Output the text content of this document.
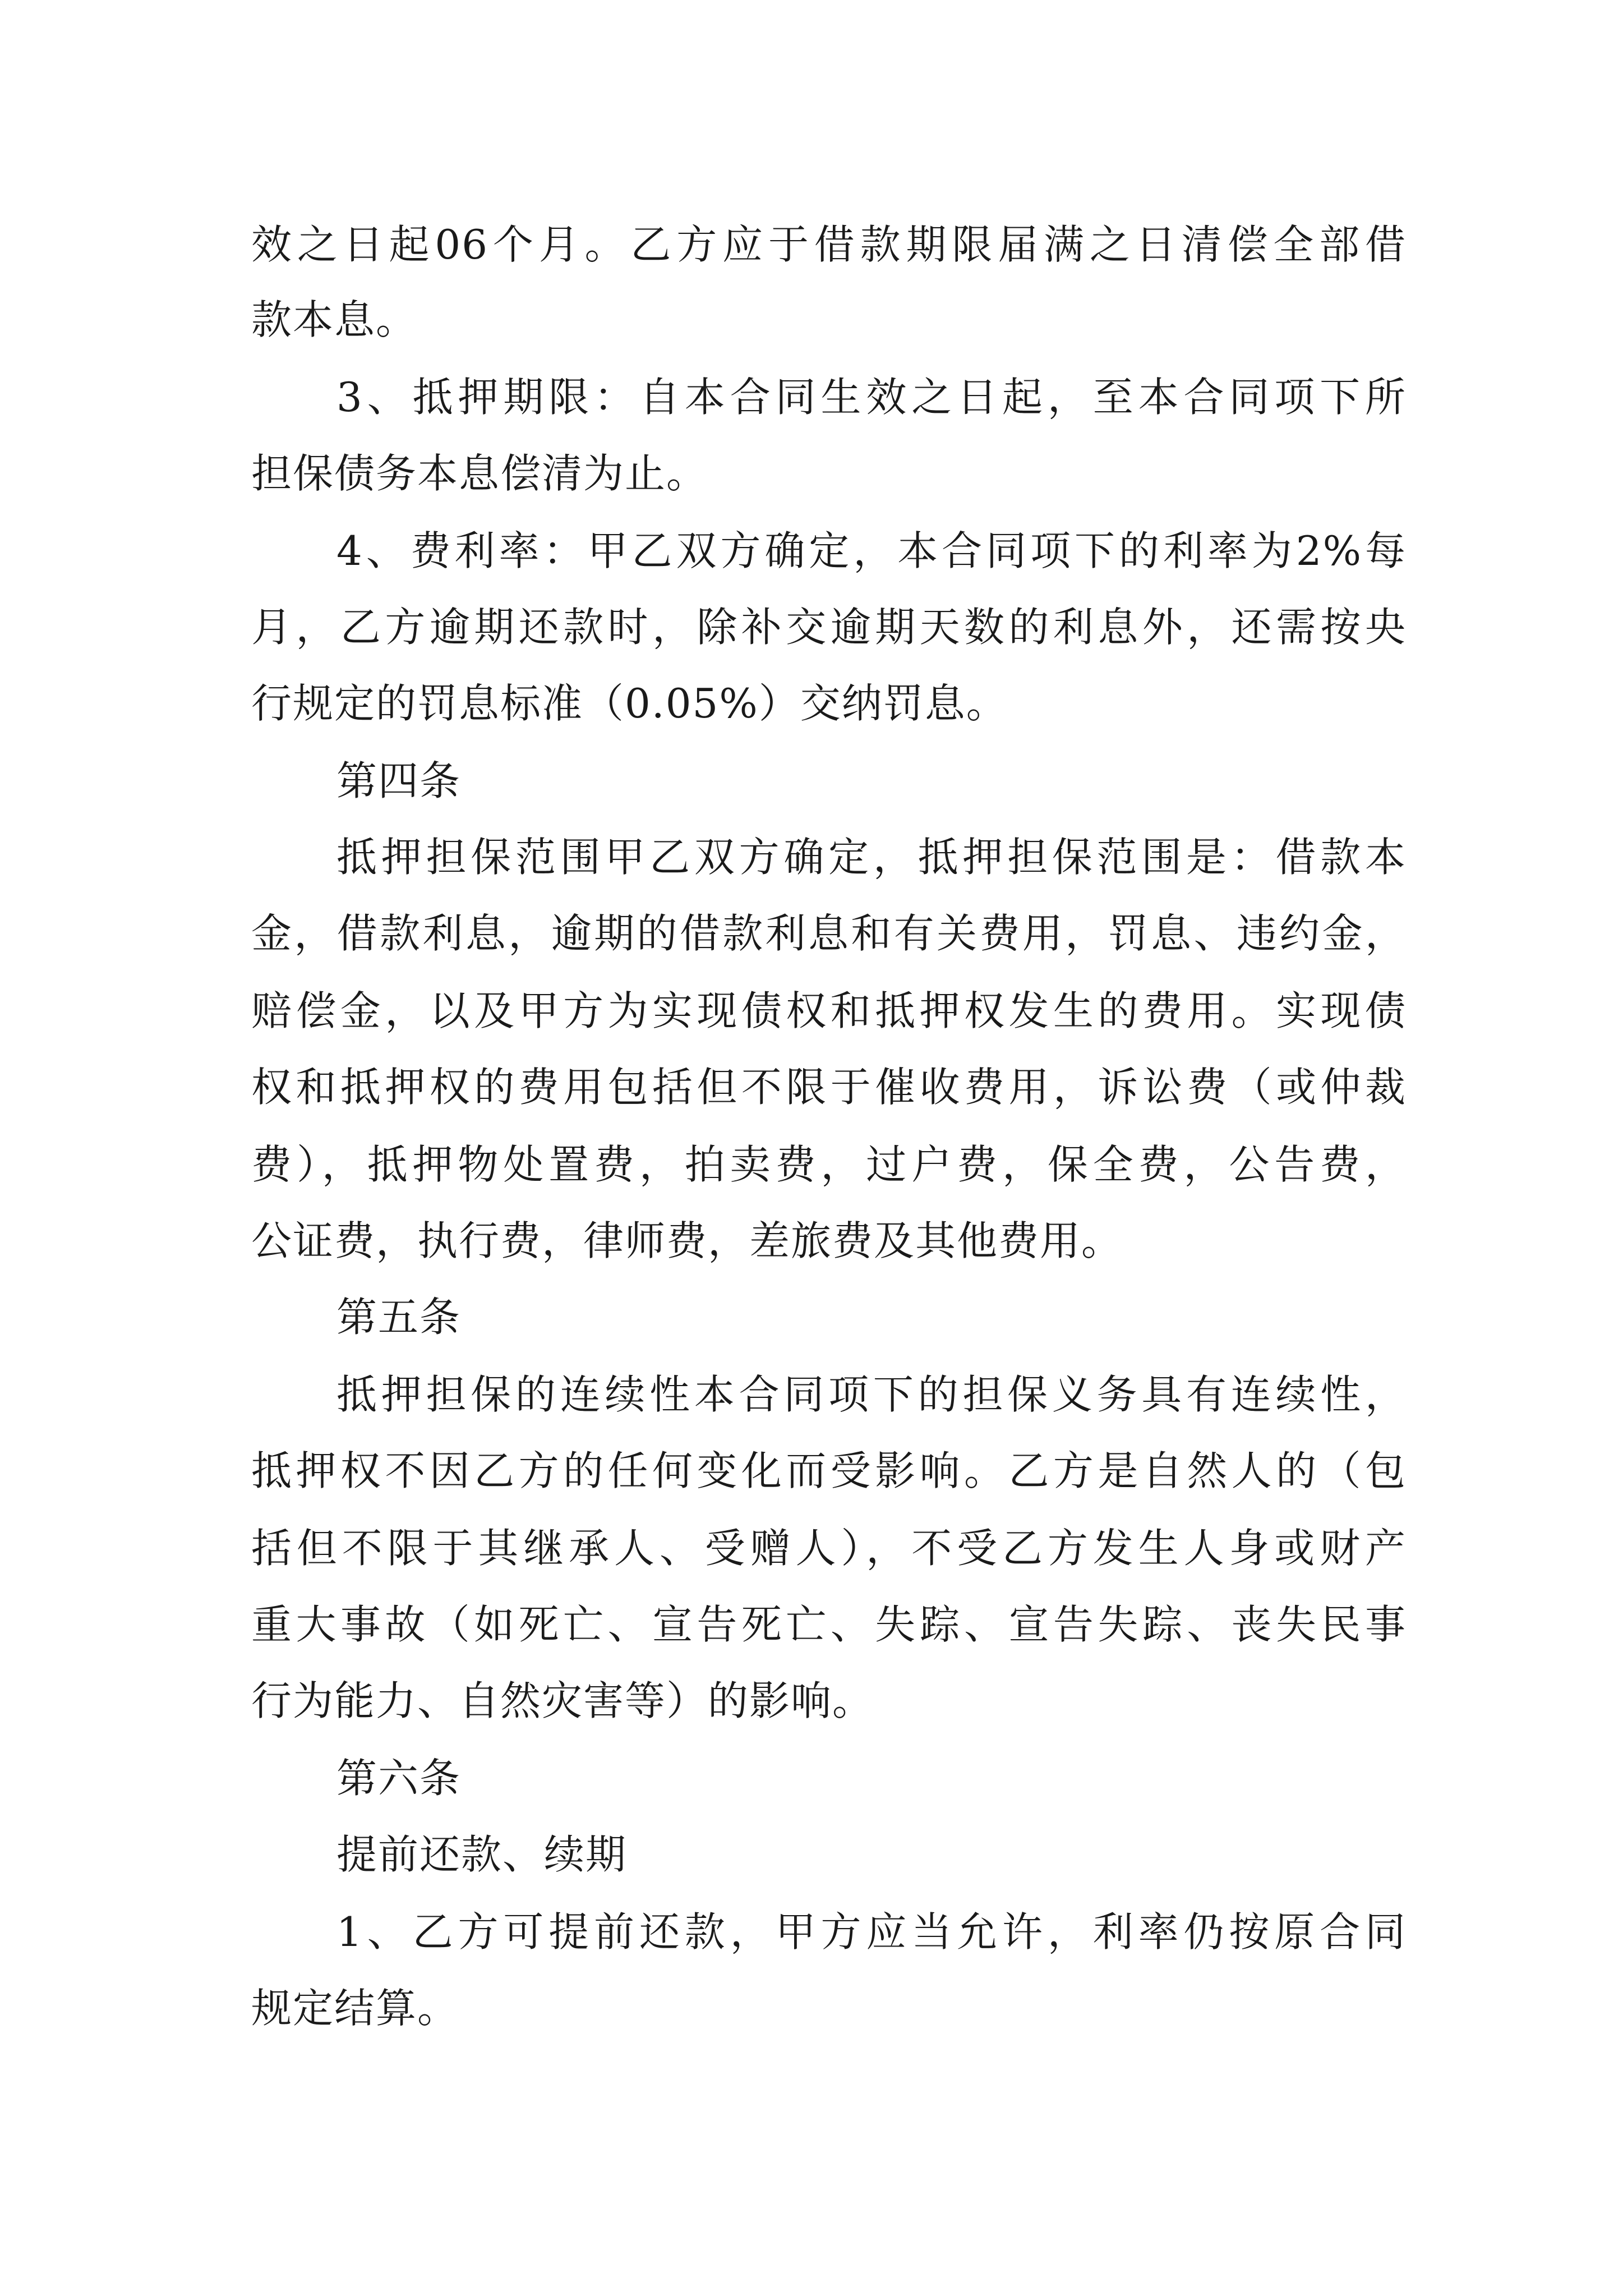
效之日起06个月。乙方应于借款期限届满之日清偿全部借

款本息。

3、抵押期限：自本合同生效之日起，至本合同项下所

担保债务本息偿清为止。

4、费利率：甲乙双方确定，本合同项下的利率为2%每

月，乙方逾期还款时，除补交逾期天数的利息外，还需按央

行规定的罚息标准（0.05%）交纳罚息。

第四条

抵押担保范围甲乙双方确定，抵押担保范围是：借款本

金，借款利息，逾期的借款利息和有关费用，罚息、违约金，

赔偿金，以及甲方为实现债权和抵押权发生的费用。实现债

权和抵押权的费用包括但不限于催收费用，诉讼费（或仲裁

费），抵押物处置费，拍卖费，过户费，保全费，公告费，

公证费，执行费，律师费，差旅费及其他费用。

第五条

抵押担保的连续性本合同项下的担保义务具有连续性，

抵押权不因乙方的任何变化而受影响。乙方是自然人的（包

括但不限于其继承人、受赠人），不受乙方发生人身或财产

重大事故（如死亡、宣告死亡、失踪、宣告失踪、丧失民事

行为能力、自然灾害等）的影响。

第六条

提前还款、续期

1、乙方可提前还款，甲方应当允许，利率仍按原合同

规定结算。
